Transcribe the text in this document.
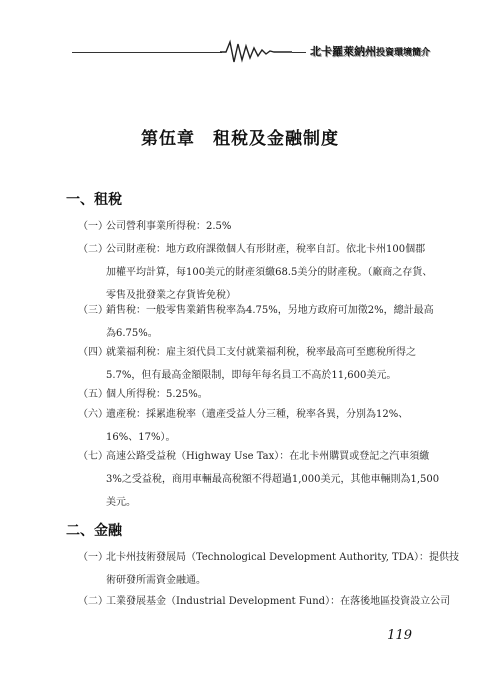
北卡羅萊納州投資環境簡介
第伍章 租稅及金融制度
一、租稅
（一）公司營利事業所得稅：2.5%
（二）公司財產稅：地方政府課徵個人有形財產，稅率自訂。依北卡州100個郡
加權平均計算，每100美元的財產須繳68.5美分的財產稅。（廠商之存貨、
零售及批發業之存貨皆免稅）
（三）銷售稅：一般零售業銷售稅率為4.75%，另地方政府可加徵2%，總計最高
為6.75%。
（四）就業福利稅：雇主須代員工支付就業福利稅，稅率最高可至應稅所得之
5.7%，但有最高金額限制，即每年每名員工不高於11,600美元。
（五）個人所得稅：5.25%。
（六）遺產稅：採累進稅率（遺產受益人分三種，稅率各異，分別為12%、
16%、17%）。
（七）高速公路受益稅（Highway Use Tax）：在北卡州購買或登記之汽車須繳
3%之受益稅，商用車輛最高稅額不得超過1,000美元，其他車輛則為1,500
美元。
二、金融
（一）北卡州技術發展局（Technological Development Authority, TDA）：提供技
術研發所需資金融通。
（二）工業發展基金（Industrial Development Fund）：在落後地區投資設立公司
119
